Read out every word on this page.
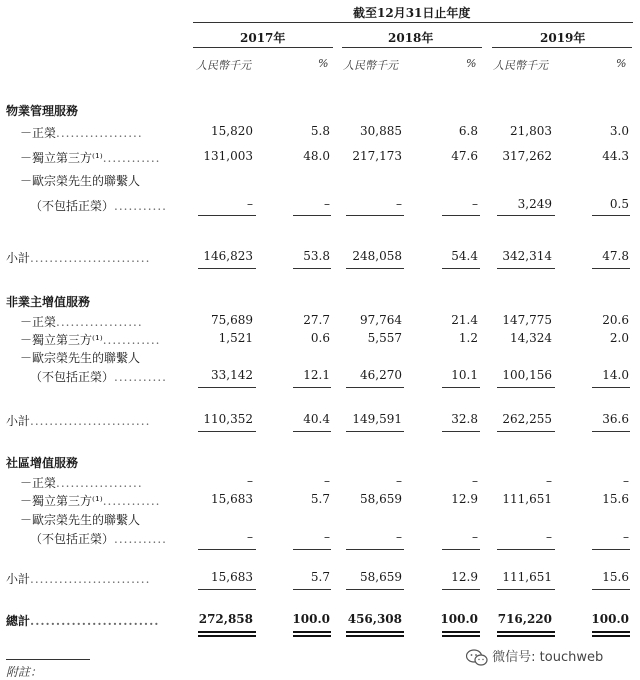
截至12月31日止年度
2017年	2018年	2019年
人民幣千元	% 人民幣千元	% 人民幣千元	%
物業管理服務
－正榮..................	15,820	5.8	30,885	6.8	21,803	3.0
－獨立第三方⁽¹⁾............	131,003	48.0	217,173	47.6	317,262	44.3
－歐宗榮先生的聯繫人
（不包括正榮）...........	–	–	–	–	3,249	0.5
小計.........................	146,823	53.8	248,058	54.4	342,314	47.8
非業主增值服務
－正榮..................	75,689	27.7	97,764	21.4	147,775	20.6
－獨立第三方⁽¹⁾............	1,521	0.6	5,557	1.2	14,324	2.0
－歐宗榮先生的聯繫人
（不包括正榮）...........	33,142	12.1	46,270	10.1	100,156	14.0
小計.........................	110,352	40.4	149,591	32.8	262,255	36.6
社區增值服務
－正榮..................	–	–	–	–	–	–
－獨立第三方⁽¹⁾............	15,683	5.7	58,659	12.9	111,651	15.6
－歐宗榮先生的聯繫人
（不包括正榮）...........	–	–	–	–	–	–
小計.........................	15,683	5.7	58,659	12.9	111,651	15.6
總計.........................	272,858	100.0	456,308	100.0	716,220	100.0
附註：
微信号: touchweb
